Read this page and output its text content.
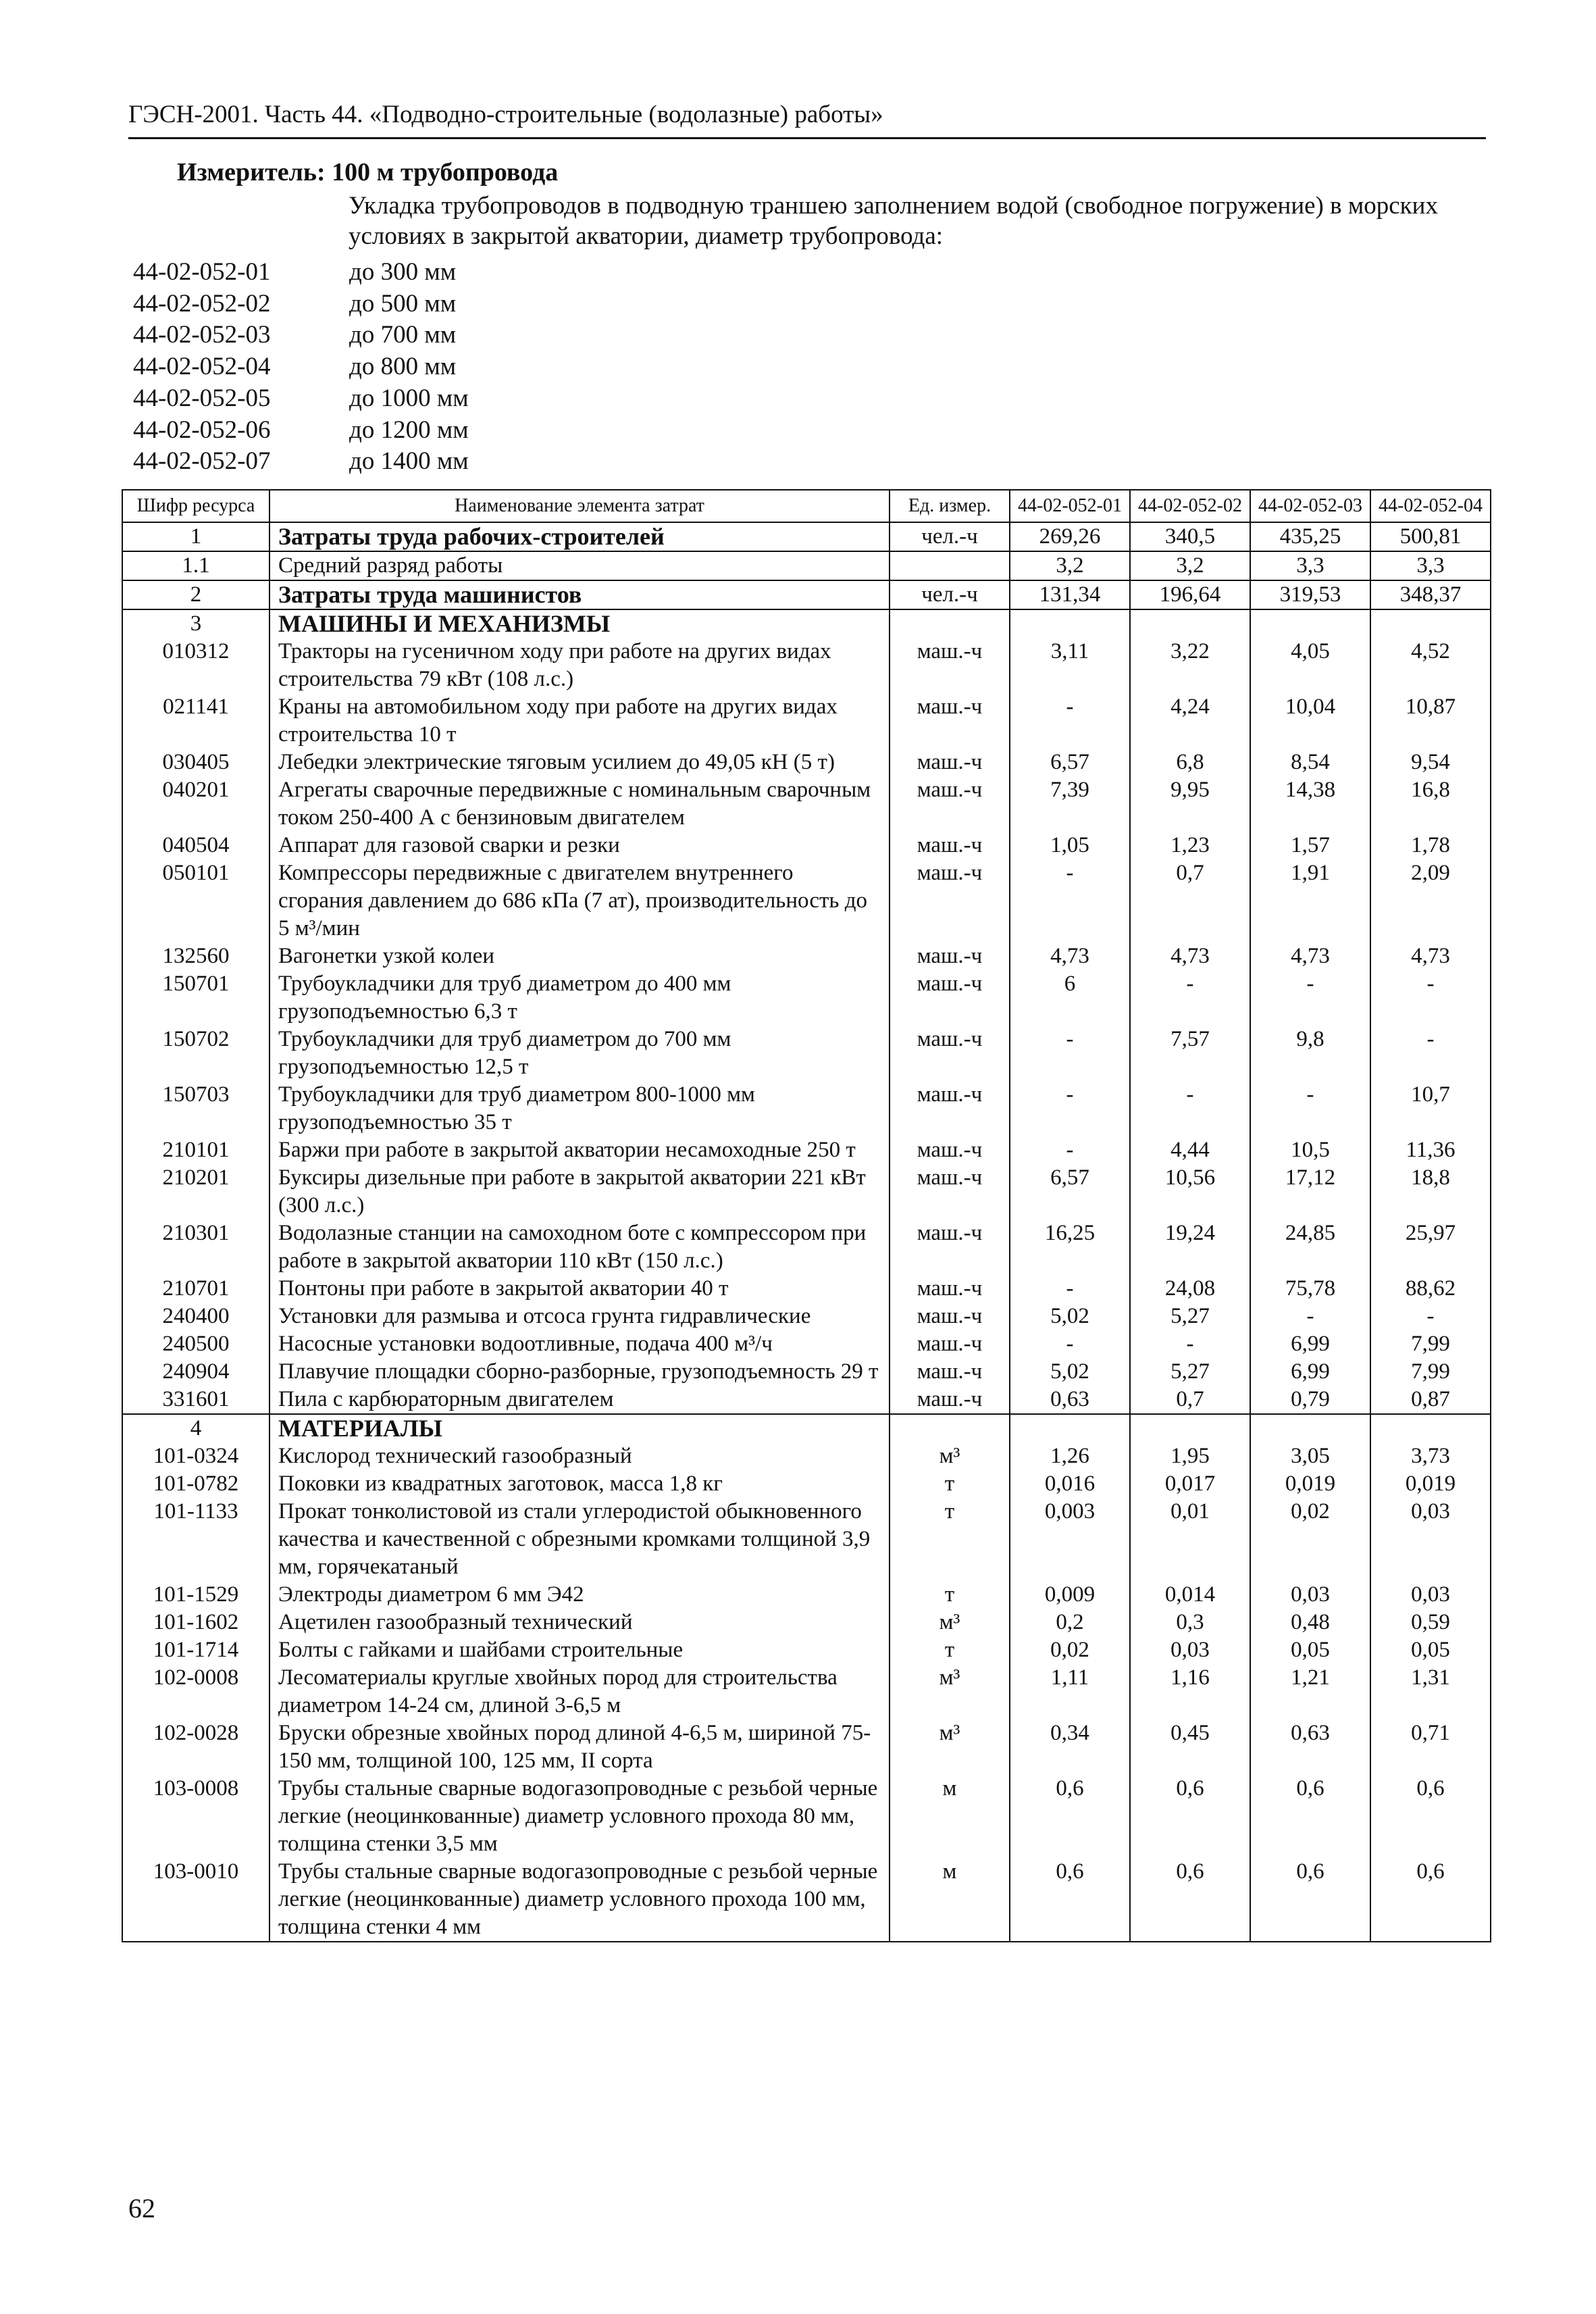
ГЭСН-2001. Часть 44. «Подводно-строительные (водолазные) работы»
Измеритель: 100 м трубопровода
Укладка трубопроводов в подводную траншею заполнением водой (свободное погружение) в морских условиях в закрытой акватории, диаметр трубопровода:
44-02-052-01	до 300 мм
44-02-052-02	до 500 мм
44-02-052-03	до 700 мм
44-02-052-04	до 800 мм
44-02-052-05	до 1000 мм
44-02-052-06	до 1200 мм
44-02-052-07	до 1400 мм
Шифр ресурса	Наименование элемента затрат	Ед. измер.	44-02-052-01	44-02-052-02	44-02-052-03	44-02-052-04
1	Затраты труда рабочих-строителей	чел.-ч	269,26	340,5	435,25	500,81
1.1	Средний разряд работы		3,2	3,2	3,3	3,3
2	Затраты труда машинистов	чел.-ч	131,34	196,64	319,53	348,37
3	МАШИНЫ И МЕХАНИЗМЫ					
010312	Тракторы на гусеничном ходу при работе на других видах строительства 79 кВт (108 л.с.)	маш.-ч	3,11	3,22	4,05	4,52
021141	Краны на автомобильном ходу при работе на других видах строительства 10 т	маш.-ч	-	4,24	10,04	10,87
030405	Лебедки электрические тяговым усилием до 49,05 кН (5 т)	маш.-ч	6,57	6,8	8,54	9,54
040201	Агрегаты сварочные передвижные с номинальным сварочным током 250-400 А с бензиновым двигателем	маш.-ч	7,39	9,95	14,38	16,8
040504	Аппарат для газовой сварки и резки	маш.-ч	1,05	1,23	1,57	1,78
050101	Компрессоры передвижные с двигателем внутреннего сгорания давлением до 686 кПа (7 ат), производительность до 5 м³/мин	маш.-ч	-	0,7	1,91	2,09
132560	Вагонетки узкой колеи	маш.-ч	4,73	4,73	4,73	4,73
150701	Трубоукладчики для труб диаметром до 400 мм грузоподъемностью 6,3 т	маш.-ч	6	-	-	-
150702	Трубоукладчики для труб диаметром до 700 мм грузоподъемностью 12,5 т	маш.-ч	-	7,57	9,8	-
150703	Трубоукладчики для труб диаметром 800-1000 мм грузоподъемностью 35 т	маш.-ч	-	-	-	10,7
210101	Баржи при работе в закрытой акватории несамоходные 250 т	маш.-ч	-	4,44	10,5	11,36
210201	Буксиры дизельные при работе в закрытой акватории 221 кВт (300 л.с.)	маш.-ч	6,57	10,56	17,12	18,8
210301	Водолазные станции на самоходном боте с компрессором при работе в закрытой акватории 110 кВт (150 л.с.)	маш.-ч	16,25	19,24	24,85	25,97
210701	Понтоны при работе в закрытой акватории 40 т	маш.-ч	-	24,08	75,78	88,62
240400	Установки для размыва и отсоса грунта гидравлические	маш.-ч	5,02	5,27	-	-
240500	Насосные установки водоотливные, подача 400 м³/ч	маш.-ч	-	-	6,99	7,99
240904	Плавучие площадки сборно-разборные, грузоподъемность 29 т	маш.-ч	5,02	5,27	6,99	7,99
331601	Пила с карбюраторным двигателем	маш.-ч	0,63	0,7	0,79	0,87
4	МАТЕРИАЛЫ					
101-0324	Кислород технический газообразный	м³	1,26	1,95	3,05	3,73
101-0782	Поковки из квадратных заготовок, масса 1,8 кг	т	0,016	0,017	0,019	0,019
101-1133	Прокат тонколистовой из стали углеродистой обыкновенного качества и качественной с обрезными кромками толщиной 3,9 мм, горячекатаный	т	0,003	0,01	0,02	0,03
101-1529	Электроды диаметром 6 мм Э42	т	0,009	0,014	0,03	0,03
101-1602	Ацетилен газообразный технический	м³	0,2	0,3	0,48	0,59
101-1714	Болты с гайками и шайбами строительные	т	0,02	0,03	0,05	0,05
102-0008	Лесоматериалы круглые хвойных пород для строительства диаметром 14-24 см, длиной 3-6,5 м	м³	1,11	1,16	1,21	1,31
102-0028	Бруски обрезные хвойных пород длиной 4-6,5 м, шириной 75-150 мм, толщиной 100, 125 мм, II сорта	м³	0,34	0,45	0,63	0,71
103-0008	Трубы стальные сварные водогазопроводные с резьбой черные легкие (неоцинкованные) диаметр условного прохода 80 мм, толщина стенки 3,5 мм	м	0,6	0,6	0,6	0,6
103-0010	Трубы стальные сварные водогазопроводные с резьбой черные легкие (неоцинкованные) диаметр условного прохода 100 мм, толщина стенки 4 мм	м	0,6	0,6	0,6	0,6
62
